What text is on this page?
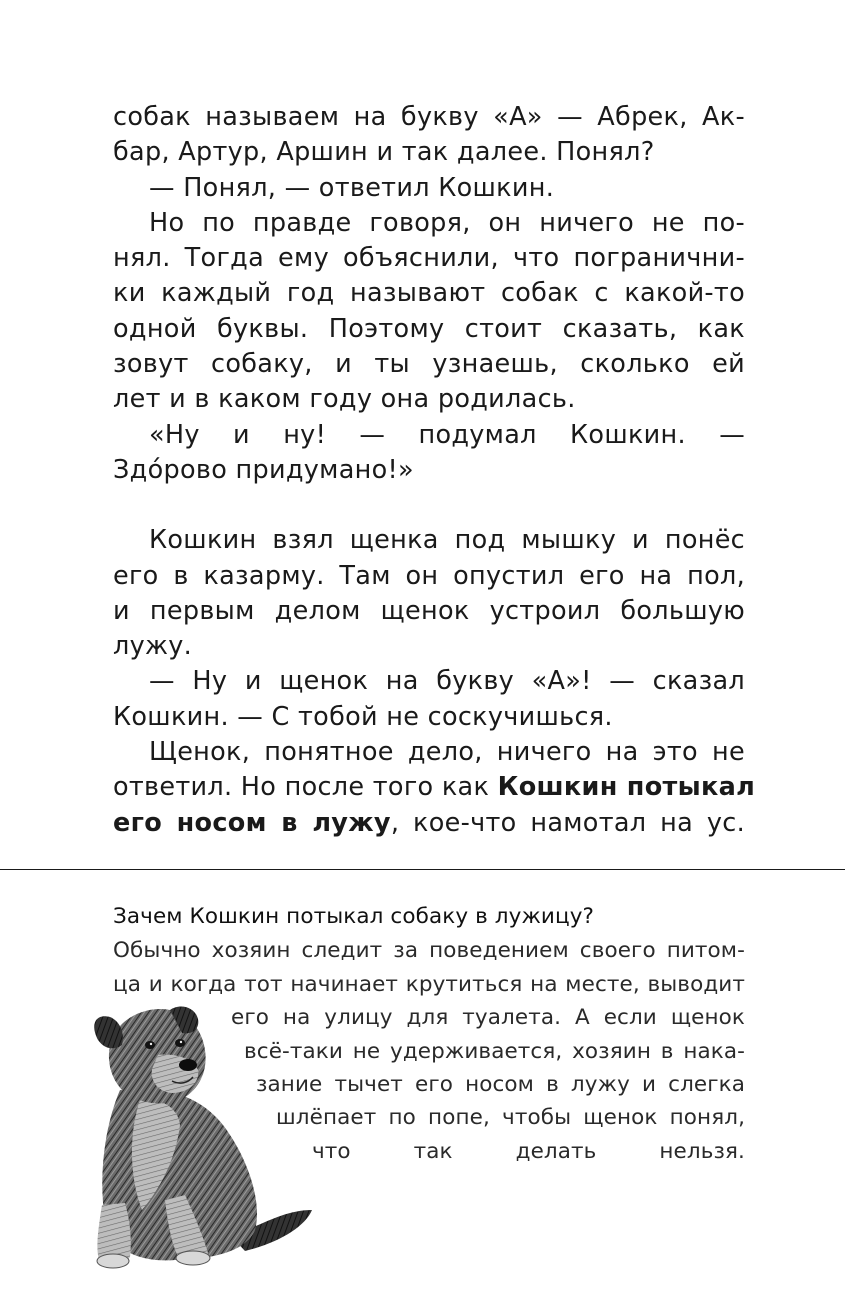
собак называем на букву «А» — Абрек, Ак-
бар, Артур, Аршин и так далее. Понял?
— Понял, — ответил Кошкин.
Но по правде говоря, он ничего не по-
нял. Тогда ему объяснили, что погранични-
ки каждый год называют собак с какой-то
одной буквы. Поэтому стоит сказать, как
зовут собаку, и ты узнаешь, сколько ей
лет и в каком году она родилась.
«Ну и ну! — подумал Кошкин. —
Здóрово придумано!»
Кошкин взял щенка под мышку и понёс
его в казарму. Там он опустил его на пол,
и первым делом щенок устроил большую
лужу.
— Ну и щенок на букву «А»! — сказал
Кошкин. — С тобой не соскучишься.
Щенок, понятное дело, ничего на это не
ответил. Но после того как Кошкин потыкал
его носом в лужу, кое-что намотал на ус.
Зачем Кошкин потыкал собаку в лужицу?
Обычно хозяин следит за поведением своего питом-
ца и когда тот начинает крутиться на месте, выводит
его на улицу для туалета. А если щенок
всё-таки не удерживается, хозяин в нака-
зание тычет его носом в лужу и слегка
шлёпает по попе, чтобы щенок понял,
что так делать нельзя.
